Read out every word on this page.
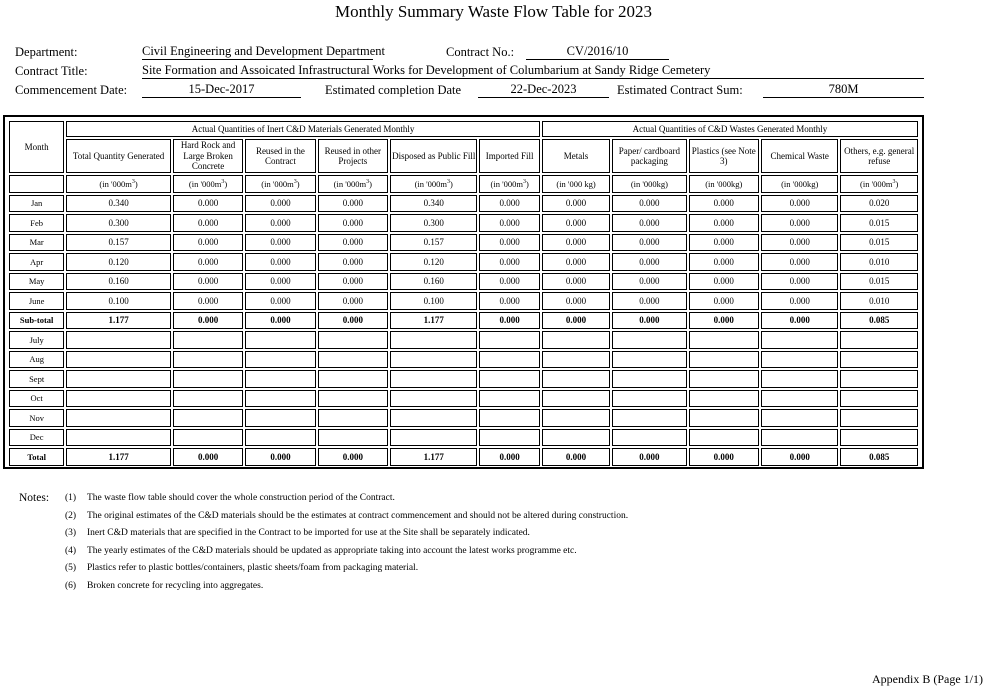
Monthly Summary Waste Flow Table for 2023
Department:	Civil Engineering and Development Department	Contract No.:	CV/2016/10
Contract Title:	Site Formation and Assoicated Infrastructural Works for Development of Columbarium at Sandy Ridge Cemetery
Commencement Date:	15-Dec-2017	Estimated completion Date	22-Dec-2023	Estimated Contract Sum:	780M
Month	Actual Quantities of Inert C&D Materials Generated Monthly						Actual Quantities of C&D Wastes Generated Monthly				
	Total Quantity Generated	Hard Rock and Large Broken Concrete	Reused in the Contract	Reused in other Projects	Disposed as Public Fill	Imported Fill	Metals	Paper/ cardboard packaging	Plastics (see Note 3)	Chemical Waste	Others, e.g. general refuse
	(in '$000m^3$)	(in '$000m^3$)	(in '$000m^3$)	(in '$000m^3$)	(in '$000m^3$)	(in '$000m^3$)	(in '000 kg)	(in '000kg)	(in '000kg)	(in '000kg)	(in '$000m^3$)
Jan	0.340	0.000	0.000	0.000	0.340	0.000	0.000	0.000	0.000	0.000	0.020
Feb	0.300	0.000	0.000	0.000	0.300	0.000	0.000	0.000	0.000	0.000	0.015
Mar	0.157	0.000	0.000	0.000	0.157	0.000	0.000	0.000	0.000	0.000	0.015
Apr	0.120	0.000	0.000	0.000	0.120	0.000	0.000	0.000	0.000	0.000	0.010
May	0.160	0.000	0.000	0.000	0.160	0.000	0.000	0.000	0.000	0.000	0.015
June	0.100	0.000	0.000	0.000	0.100	0.000	0.000	0.000	0.000	0.000	0.010
Sub-total	1.177	0.000	0.000	0.000	1.177	0.000	0.000	0.000	0.000	0.000	0.085
July											
Aug											
Sept											
Oct											
Nov											
Dec											
Total	1.177	0.000	0.000	0.000	1.177	0.000	0.000	0.000	0.000	0.000	0.085
Notes: (1) The waste flow table should cover the whole construction period of the Contract.
(2) The original estimates of the C&D materials should be the estimates at contract commencement and should not be altered during construction.
(3) Inert C&D materials that are specified in the Contract to be imported for use at the Site shall be separately indicated.
(4) The yearly estimates of the C&D materials should be updated as appropriate taking into account the latest works programme etc.
(5) Plastics refer to plastic bottles/containers, plastic sheets/foam from packaging material.
(6) Broken concrete for recycling into aggregates.
Appendix B (Page 1/1)
